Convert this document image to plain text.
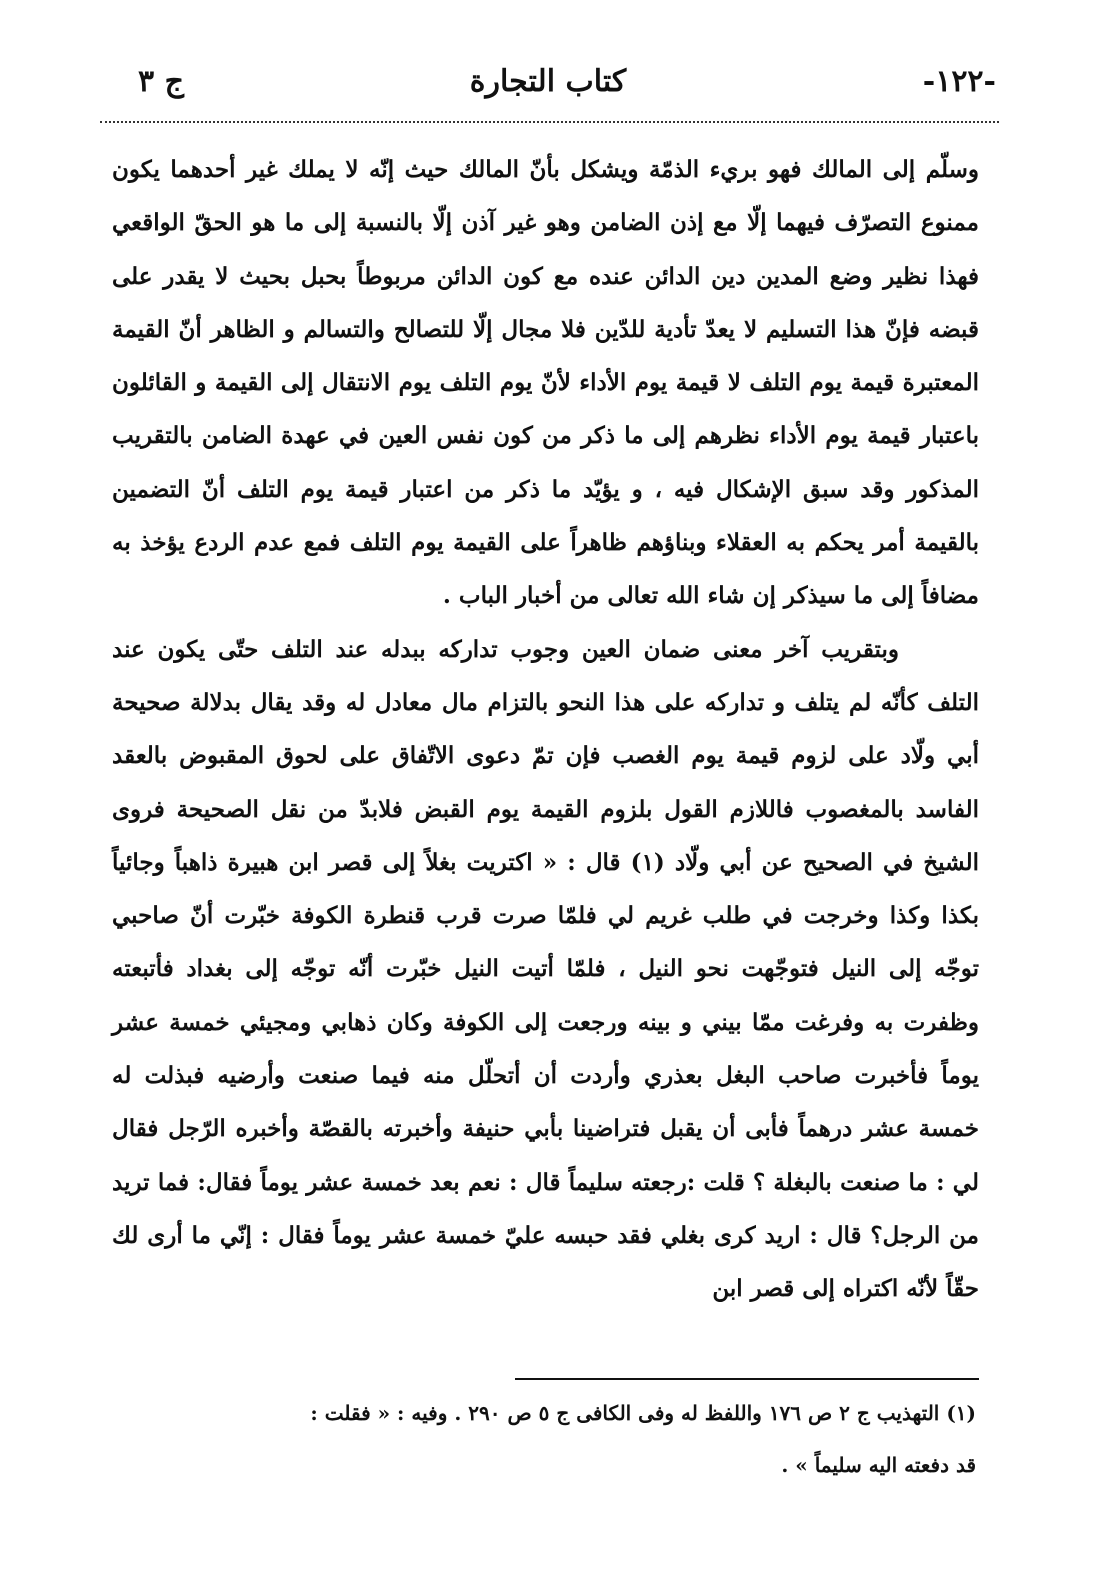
-١٢٢-
كتاب التجارة
ج ٣

وسلّم إلى المالك فهو بريء الذمّة ويشكل بأنّ المالك حيث إنّه لا يملك غير أحدهما يكون ممنوع التصرّف فيهما إلّا مع إذن الضامن وهو غير آذن إلّا بالنسبة إلى ما هو الحقّ الواقعي فهذا نظير وضع المدين دين الدائن عنده مع كون الدائن مربوطاً بحبل بحيث لا يقدر على قبضه فإنّ هذا التسليم لا يعدّ تأدية للدّين فلا مجال إلّا للتصالح والتسالم و الظاهر أنّ القيمة المعتبرة قيمة يوم التلف لا قيمة يوم الأداء لأنّ يوم التلف يوم الانتقال إلى القيمة و القائلون باعتبار قيمة يوم الأداء نظرهم إلى ما ذكر من كون نفس العين في عهدة الضامن بالتقريب المذكور وقد سبق الإشكال فيه ، و يؤيّد ما ذكر من اعتبار قيمة يوم التلف أنّ التضمين بالقيمة أمر يحكم به العقلاء وبناؤهم ظاهراً على القيمة يوم التلف فمع عدم الردع يؤخذ به مضافاً إلى ما سيذكر إن شاء الله تعالى من أخبار الباب .

وبتقريب آخر معنى ضمان العين وجوب تداركه ببدله عند التلف حتّى يكون عند التلف كأنّه لم يتلف و تداركه على هذا النحو بالتزام مال معادل له وقد يقال بدلالة صحيحة أبي ولّاد على لزوم قيمة يوم الغصب فإن تمّ دعوى الاتّفاق على لحوق المقبوض بالعقد الفاسد بالمغصوب فاللازم القول بلزوم القيمة يوم القبض فلابدّ من نقل الصحيحة فروى الشيخ في الصحيح عن أبي ولّاد (١) قال : « اكتريت بغلاً إلى قصر ابن هبيرة ذاهباً وجائياً بكذا وكذا وخرجت في طلب غريم لي فلمّا صرت قرب قنطرة الكوفة خبّرت أنّ صاحبي توجّه إلى النيل فتوجّهت نحو النيل ، فلمّا أتيت النيل خبّرت أنّه توجّه إلى بغداد فأتبعته وظفرت به وفرغت ممّا بيني و بينه ورجعت إلى الكوفة وكان ذهابي ومجيئي خمسة عشر يوماً فأخبرت صاحب البغل بعذري وأردت أن أتحلّل منه فيما صنعت وأرضيه فبذلت له خمسة عشر درهماً فأبى أن يقبل فتراضينا بأبي حنيفة وأخبرته بالقصّة وأخبره الرّجل فقال لي : ما صنعت بالبغلة ؟ قلت :رجعته سليماً قال : نعم بعد خمسة عشر يوماً فقال: فما تريد من الرجل؟ قال : اريد كرى بغلي فقد حبسه عليّ خمسة عشر يوماً فقال : إنّي ما أرى لك حقّاً لأنّه اكتراه إلى قصر ابن

(١) التهذيب ج ٢ ص ١٧٦ واللفظ له وفى الكافى ج ٥ ص ٢٩٠ . وفيه : « فقلت :

قد دفعته اليه سليماً » .
